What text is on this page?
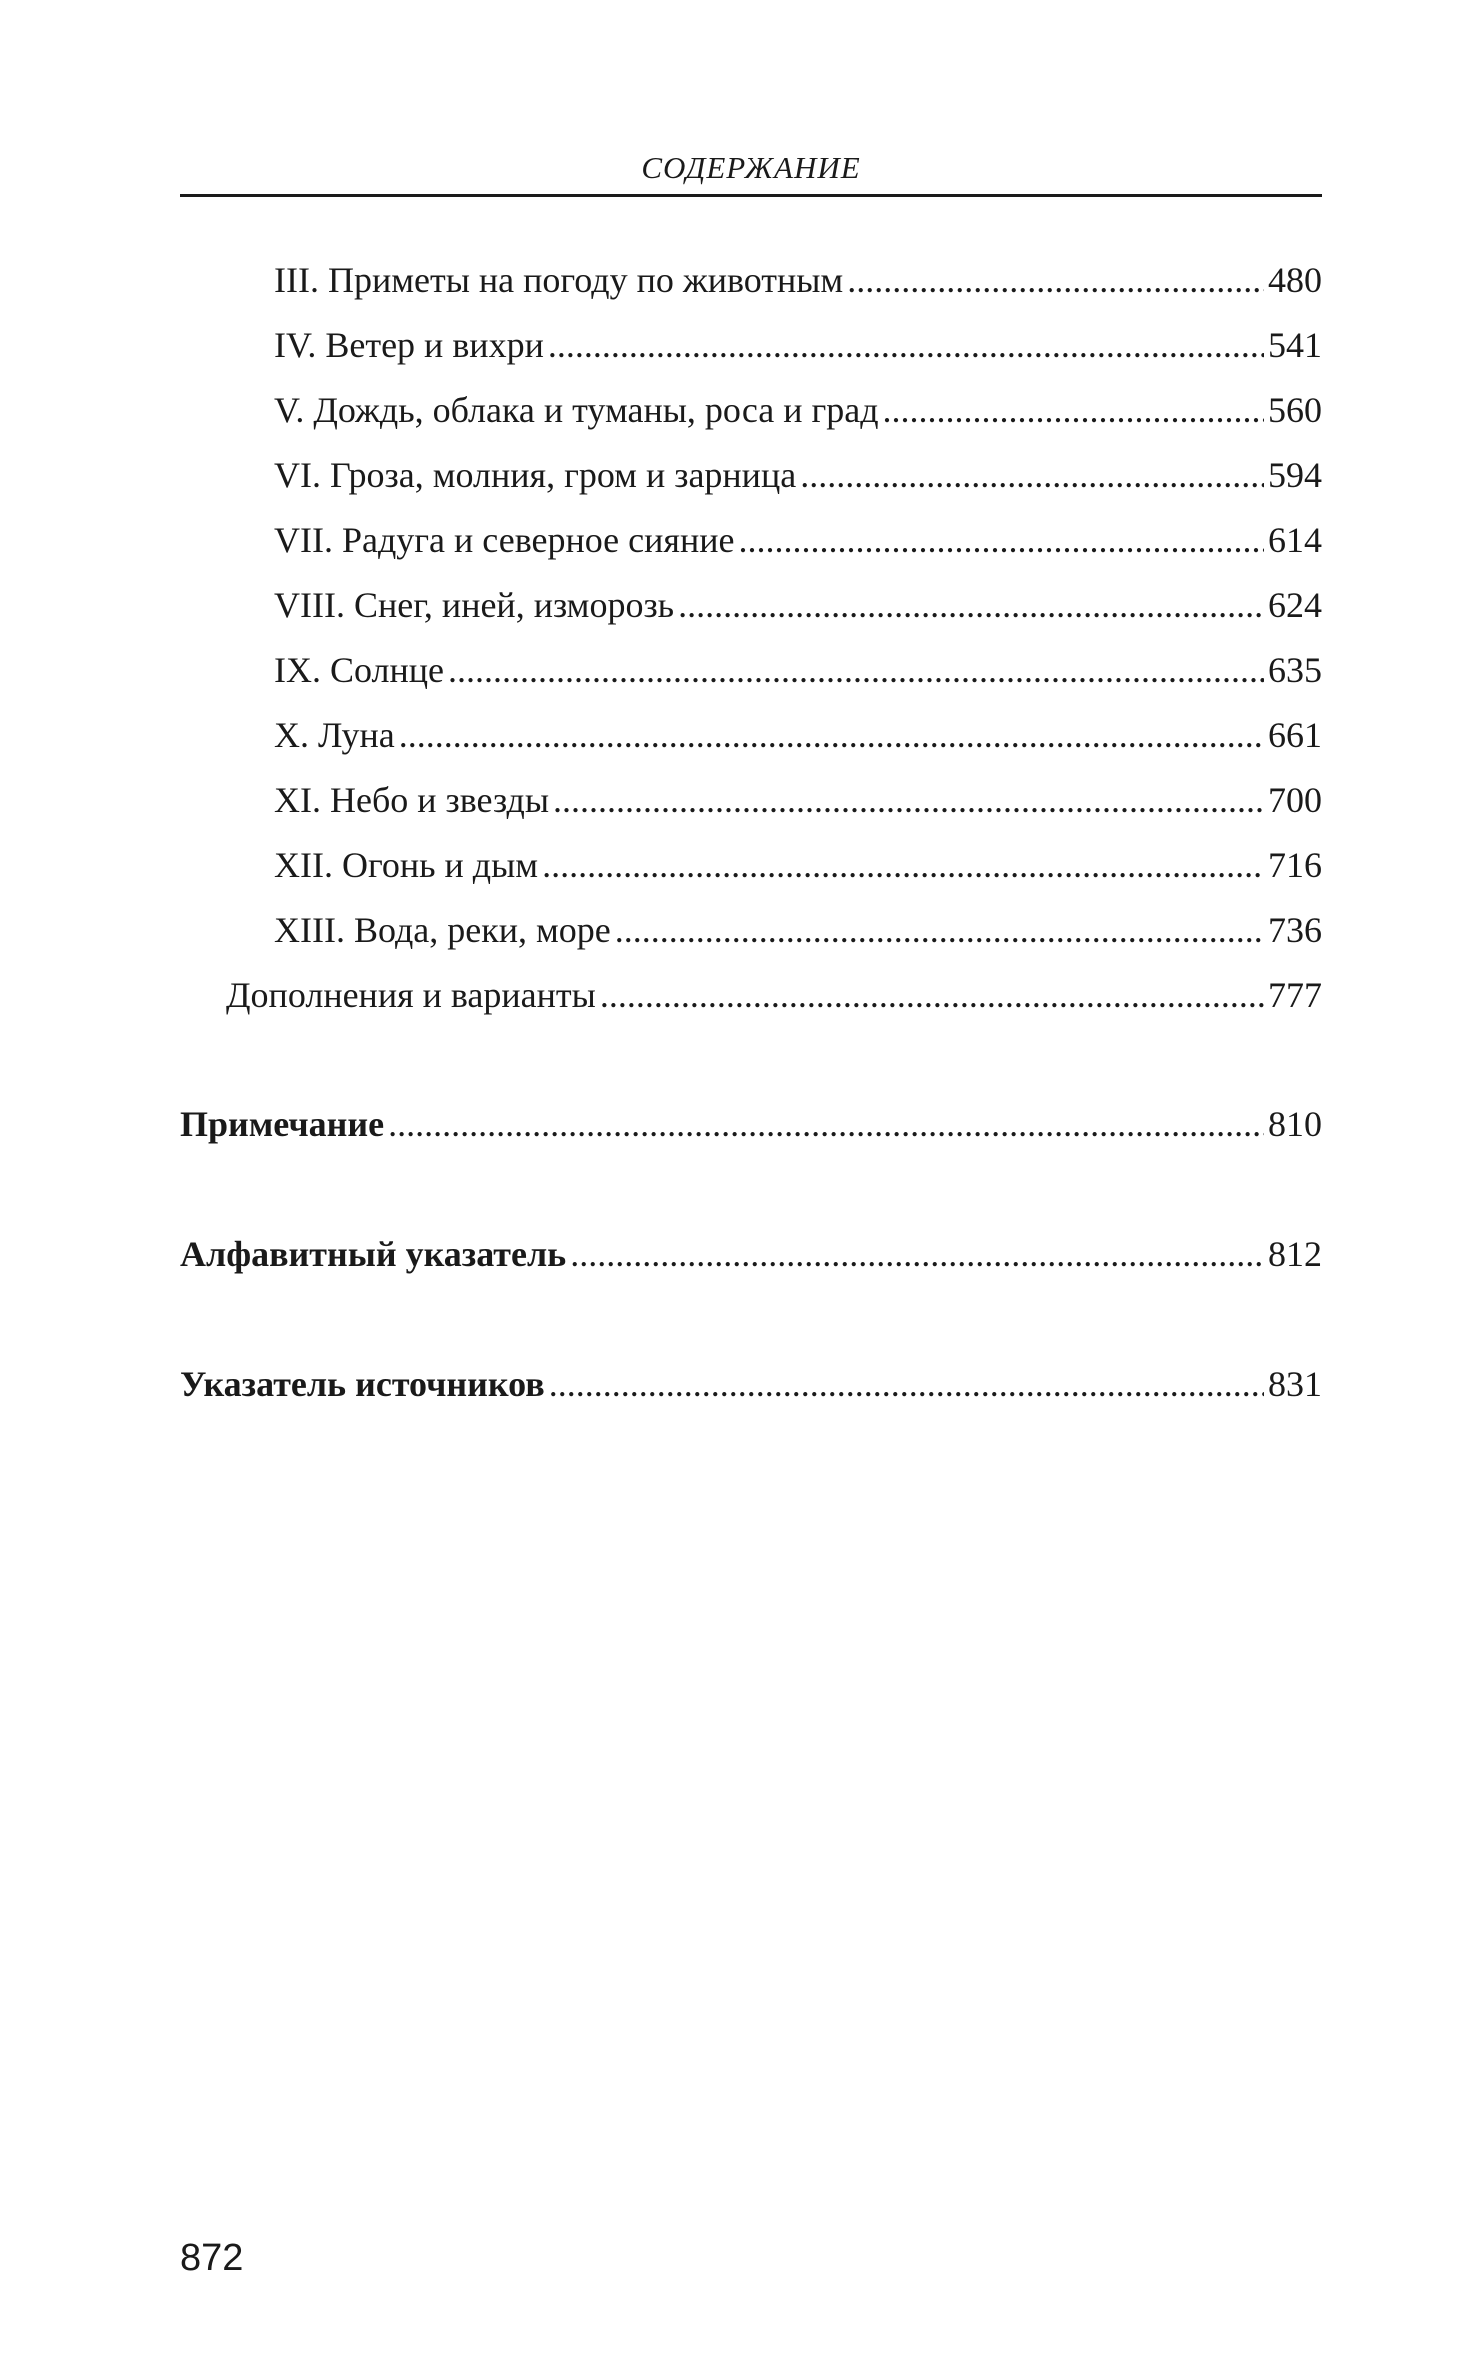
СОДЕРЖАНИЕ
III. Приметы на погоду по животным .....	480
IV. Ветер и вихри .....	541
V. Дождь, облака и туманы, роса и град .....	560
VI. Гроза, молния, гром и зарница .....	594
VII. Радуга и северное сияние .....	614
VIII. Снег, иней, изморозь .....	624
IX. Солнце .....	635
X. Луна .....	661
XI. Небо и звезды .....	700
XII. Огонь и дым .....	716
XIII. Вода, реки, море .....	736
Дополнения и варианты .....	777
Примечание .....	810
Алфавитный указатель .....	812
Указатель источников .....	831
872
